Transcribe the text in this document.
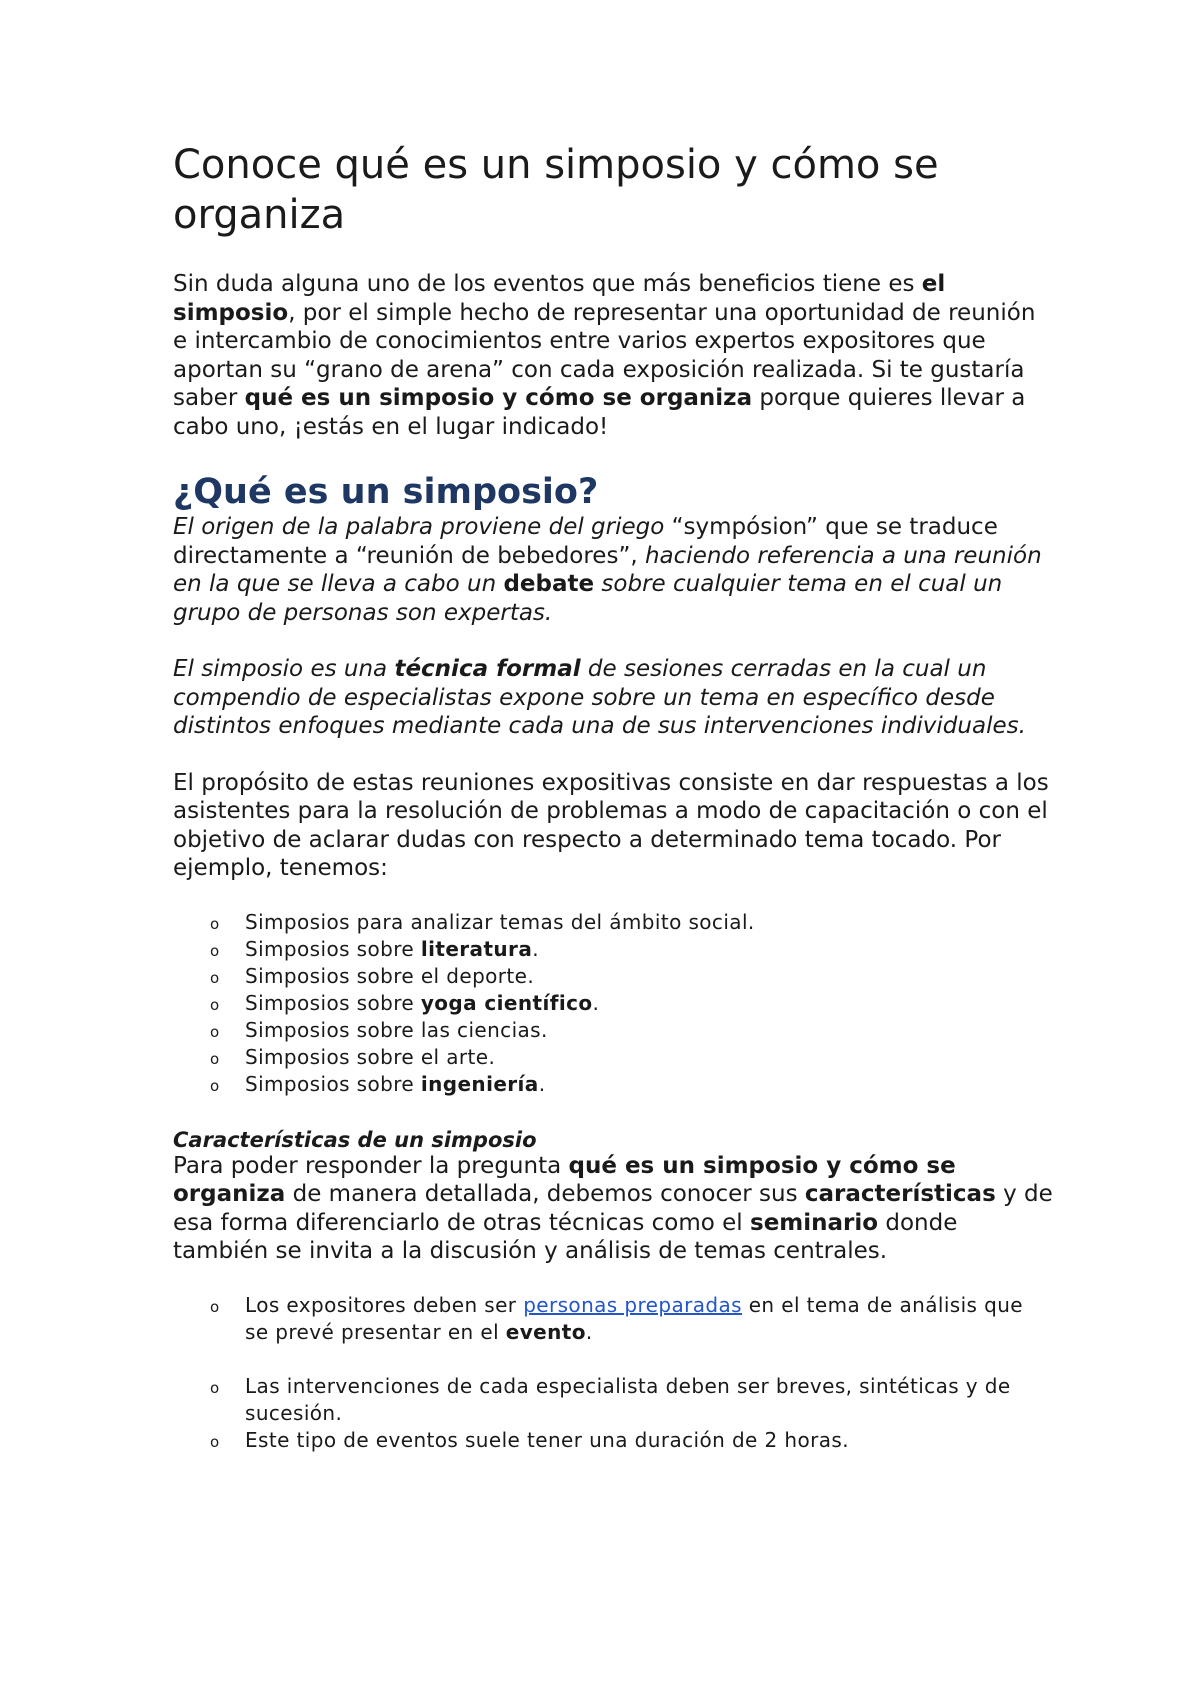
Conoce qué es un simposio y cómo se organiza

Sin duda alguna uno de los eventos que más beneficios tiene es el simposio, por el simple hecho de representar una oportunidad de reunión e intercambio de conocimientos entre varios expertos expositores que aportan su “grano de arena” con cada exposición realizada. Si te gustaría saber qué es un simposio y cómo se organiza porque quieres llevar a cabo uno, ¡estás en el lugar indicado!

¿Qué es un simposio?

El origen de la palabra proviene del griego “sympósion” que se traduce directamente a “reunión de bebedores”, haciendo referencia a una reunión en la que se lleva a cabo un debate sobre cualquier tema en el cual un grupo de personas son expertas.

El simposio es una técnica formal de sesiones cerradas en la cual un compendio de especialistas expone sobre un tema en específico desde distintos enfoques mediante cada una de sus intervenciones individuales.

El propósito de estas reuniones expositivas consiste en dar respuestas a los asistentes para la resolución de problemas a modo de capacitación o con el objetivo de aclarar dudas con respecto a determinado tema tocado. Por ejemplo, tenemos:

o Simposios para analizar temas del ámbito social.
o Simposios sobre literatura.
o Simposios sobre el deporte.
o Simposios sobre yoga científico.
o Simposios sobre las ciencias.
o Simposios sobre el arte.
o Simposios sobre ingeniería.
Características de un simposio

Para poder responder la pregunta qué es un simposio y cómo se organiza de manera detallada, debemos conocer sus características y de esa forma diferenciarlo de otras técnicas como el seminario donde también se invita a la discusión y análisis de temas centrales.

o Los expositores deben ser personas preparadas en el tema de análisis que se prevé presentar en el evento.
o Las intervenciones de cada especialista deben ser breves, sintéticas y de sucesión.
o Este tipo de eventos suele tener una duración de 2 horas.
